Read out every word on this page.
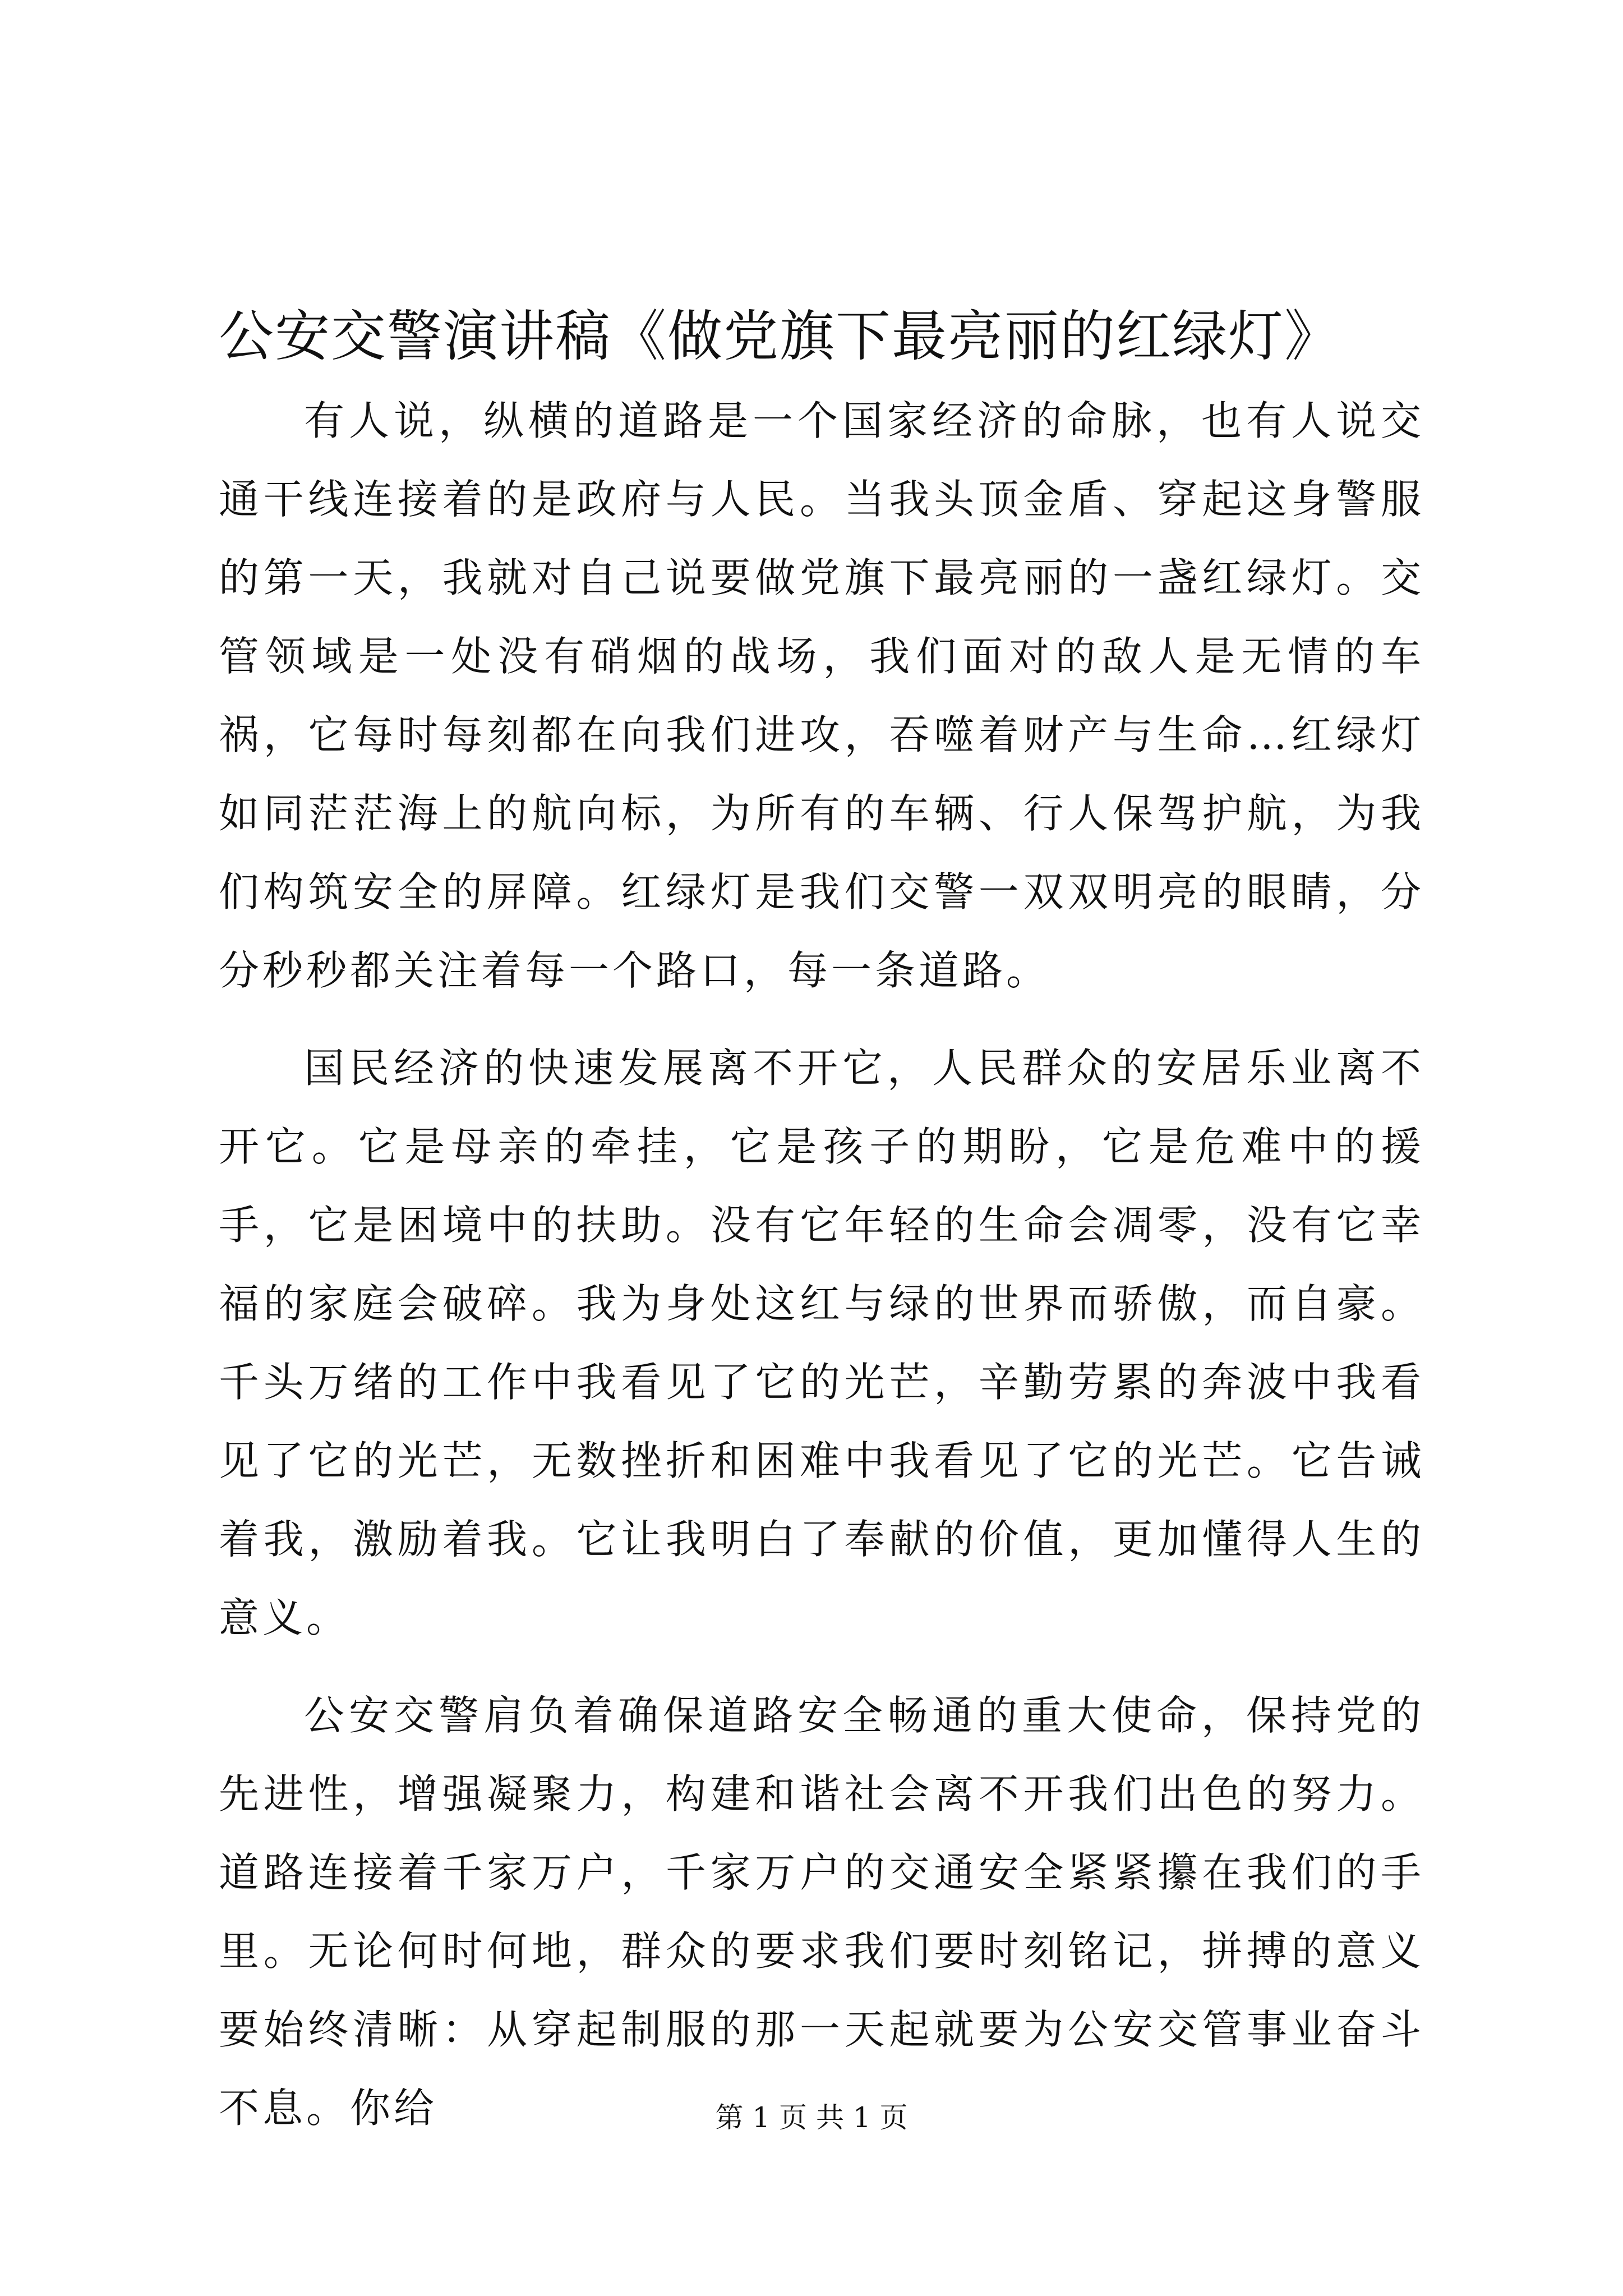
公安交警演讲稿《做党旗下最亮丽的红绿灯》

有人说，纵横的道路是一个国家经济的命脉，也有人说交通干线连接着的是政府与人民。当我头顶金盾、穿起这身警服的第一天，我就对自己说要做党旗下最亮丽的一盏红绿灯。交管领域是一处没有硝烟的战场，我们面对的敌人是无情的车祸，它每时每刻都在向我们进攻，吞噬着财产与生命…红绿灯如同茫茫海上的航向标，为所有的车辆、行人保驾护航，为我们构筑安全的屏障。红绿灯是我们交警一双双明亮的眼睛，分分秒秒都关注着每一个路口，每一条道路。

国民经济的快速发展离不开它，人民群众的安居乐业离不开它。它是母亲的牵挂，它是孩子的期盼，它是危难中的援手，它是困境中的扶助。没有它年轻的生命会凋零，没有它幸福的家庭会破碎。我为身处这红与绿的世界而骄傲，而自豪。千头万绪的工作中我看见了它的光芒，辛勤劳累的奔波中我看见了它的光芒，无数挫折和困难中我看见了它的光芒。它告诫着我，激励着我。它让我明白了奉献的价值，更加懂得人生的意义。

公安交警肩负着确保道路安全畅通的重大使命，保持党的先进性，增强凝聚力，构建和谐社会离不开我们出色的努力。道路连接着千家万户，千家万户的交通安全紧紧攥在我们的手里。无论何时何地，群众的要求我们要时刻铭记，拼搏的意义要始终清晰：从穿起制服的那一天起就要为公安交管事业奋斗不息。你给	第 1 页 共 1 页
